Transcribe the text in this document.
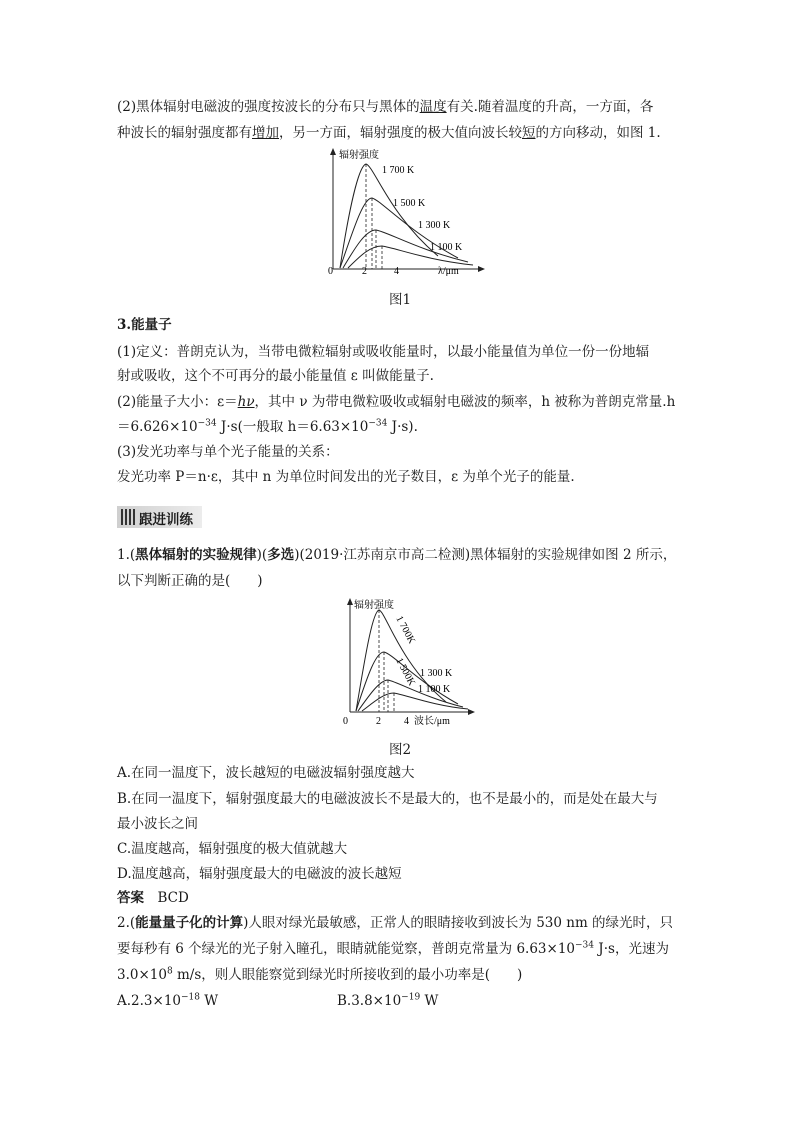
(2)黑体辐射电磁波的强度按波长的分布只与黑体的温度有关.随着温度的升高，一方面，各
种波长的辐射强度都有增加，另一方面，辐射强度的极大值向波长较短的方向移动，如图 1.
辐射强度
1 700 K
1 500 K
1 300 K
1 100 K
0	2	4	λ/μm
图1
3.能量子
(1)定义：普朗克认为，当带电微粒辐射或吸收能量时，以最小能量值为单位一份一份地辐
射或吸收，这个不可再分的最小能量值 ε 叫做能量子.
(2)能量子大小：ε＝hν，其中 ν 为带电微粒吸收或辐射电磁波的频率，h 被称为普朗克常量.h
$=6.626\times 10^{-34}$ J·s(一般取 $h=6.63\times 10^{-34}$ J·s).
(3)发光功率与单个光子能量的关系：
发光功率 P＝n·ε，其中 n 为单位时间发出的光子数目，ε 为单个光子的能量.
跟进训练
1.(黑体辐射的实验规律)(多选)(2019·江苏南京市高二检测)黑体辐射的实验规律如图 2 所示，
以下判断正确的是(　　)
辐射强度
1 700K
1 500K 1 300 K
1 100 K
0	2 4 波长/μm
图2
A.在同一温度下，波长越短的电磁波辐射强度越大
B.在同一温度下，辐射强度最大的电磁波波长不是最大的，也不是最小的，而是处在最大与
最小波长之间
C.温度越高，辐射强度的极大值就越大
D.温度越高，辐射强度最大的电磁波的波长越短
答案　 BCD
2.(能量量子化的计算)人眼对绿光最敏感，正常人的眼睛接收到波长为 530 nm 的绿光时，只
要每秒有 6 个绿光的光子射入瞳孔，眼睛就能觉察，普朗克常量为 $6.63\times 10^{-34}$ J·s，光速为
$3.0\times 10^8$ m/s，则人眼能察觉到绿光时所接收到的最小功率是(　　)
$A.2.3\times 10^{-18}$ W	$B.3.8\times 10^{-19}$ W
